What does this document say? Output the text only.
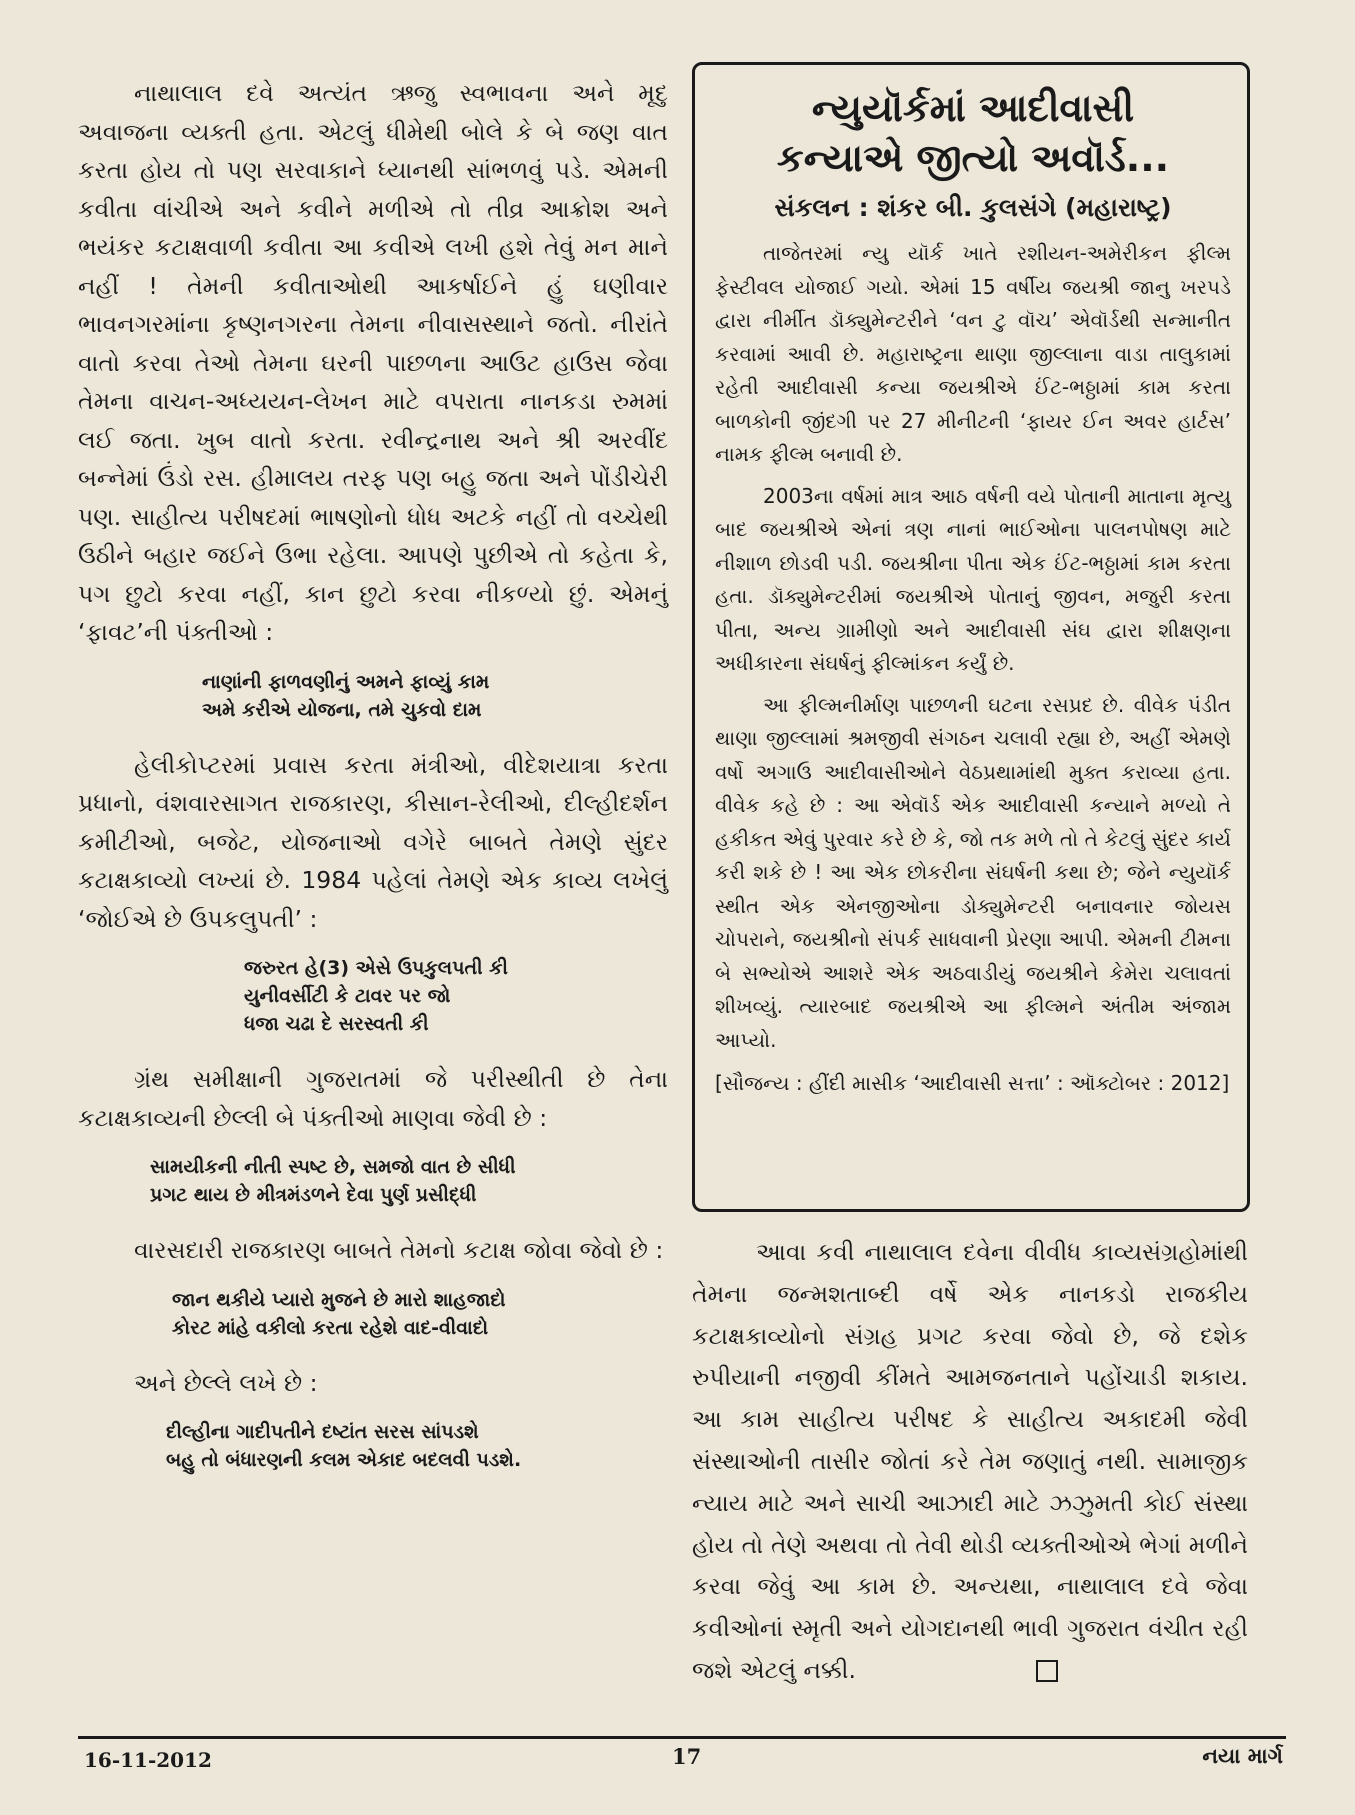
નાથાલાલ દવે અત્યંત ઋજુ સ્વભાવના અને મૃદુ અવાજના વ્યક્તી હતા. એટલું ધીમેથી બોલે કે બે જણ વાત કરતા હોય તો પણ સરવાકાને ધ્યાનથી સાંભળવું પડે. એમની કવીતા વાંચીએ અને કવીને મળીએ તો તીવ્ર આક્રોશ અને ભયંકર કટાક્ષવાળી કવીતા આ કવીએ લખી હશે તેવું મન માને નહીં ! તેમની કવીતાઓથી આકર્ષાઈને હું ઘણીવાર ભાવનગરમાંના કૃષ્ણનગરના તેમના નીવાસસ્થાને જતો. નીરાંતે વાતો કરવા તેઓ તેમના ઘરની પાછળના આઉટ હાઉસ જેવા તેમના વાચન-અધ્યયન-લેખન માટે વપરાતા નાનકડા રુમમાં લઈ જતા. ખુબ વાતો કરતા. રવીન્દ્રનાથ અને શ્રી અરવીંદ બન્નેમાં ઉંડો રસ. હીમાલય તરફ પણ બહુ જતા અને પોંડીચેરી પણ. સાહીત્ય પરીષદમાં ભાષણોનો ધોધ અટકે નહીં તો વચ્ચેથી ઉઠીને બહાર જઈને ઉભા રહેલા. આપણે પુછીએ તો કહેતા કે, પગ છુટો કરવા નહીં, કાન છુટો કરવા નીકળ્યો છું. એમનું ‘ફાવટ’ની પંક્તીઓ :

નાણાંની ફાળવણીનું અમને ફાવ્યું કામ
અમે કરીએ યોજના, તમે ચુકવો દામ

હેલીકોપ્ટરમાં પ્રવાસ કરતા મંત્રીઓ, વીદેશયાત્રા કરતા પ્રધાનો, વંશવારસાગત રાજકારણ, કીસાન-રેલીઓ, દીલ્હીદર્શન કમીટીઓ, બજેટ, યોજનાઓ વગેરે બાબતે તેમણે સુંદર કટાક્ષકાવ્યો લખ્યાં છે. 1984 પહેલાં તેમણે એક કાવ્ય લખેલું ‘જોઈએ છે ઉપકલુપતી’ :

જરુરત હે(3) એસે ઉપકુલપતી કી
યુનીવર્સીટી કે ટાવર પર જો
ધજા ચઢા દે સરસ્વતી કી

ગ્રંથ સમીક્ષાની ગુજરાતમાં જે પરીસ્થીતી છે તેના કટાક્ષકાવ્યની છેલ્લી બે પંક્તીઓ માણવા જેવી છે :

સામયીકની નીતી સ્પષ્ટ છે, સમજો વાત છે સીધી
પ્રગટ થાય છે મીત્રમંડળને દેવા પુર્ણ પ્રસીદ્ધી

વારસદારી રાજકારણ બાબતે તેમનો કટાક્ષ જોવા જેવો છે :

જાન થકીયે પ્યારો મુજને છે મારો શાહજાદો
કોરટ માંહે વકીલો કરતા રહેશે વાદ-વીવાદો

અને છેલ્લે લખે છે :

દીલ્હીના ગાદીપતીને દષ્ટાંત સરસ સાંપડશે
બહુ તો બંધારણની કલમ એકાદ બદલવી પડશે.
ન્યુયૉર્કમાં આદીવાસી
કન્યાએ જીત્યો અવૉર્ડ...
સંકલન : શંકર બી. કુલસંગે (મહારાષ્ટ્ર)

તાજેતરમાં ન્યુ યૉર્ક ખાતે રશીયન-અમેરીકન ફીલ્મ ફેસ્ટીવલ યોજાઈ ગયો. એમાં 15 વર્ષીય જયશ્રી જાનુ ખરપડે દ્વારા નીર્મીત ડૉક્યુમેન્ટરીને ‘વન ટુ વૉચ’ એવૉર્ડથી સન્માનીત કરવામાં આવી છે. મહારાષ્ટ્રના થાણા જીલ્લાના વાડા તાલુકામાં રહેતી આદીવાસી કન્યા જયશ્રીએ ઈંટ-ભઠ્ઠામાં કામ કરતા બાળકોની જીંદગી પર 27 મીનીટની ‘ફાયર ઈન અવર હાર્ટસ’ નામક ફીલ્મ બનાવી છે.

2003ના વર્ષમાં માત્ર આઠ વર્ષની વયે પોતાની માતાના મૃત્યુ બાદ જયશ્રીએ એનાં ત્રણ નાનાં ભાઈઓના પાલનપોષણ માટે નીશાળ છોડવી પડી. જયશ્રીના પીતા એક ઈંટ-ભઠ્ઠામાં કામ કરતા હતા. ડૉક્યુમેન્ટરીમાં જયશ્રીએ પોતાનું જીવન, મજુરી કરતા પીતા, અન્ય ગ્રામીણો અને આદીવાસી સંઘ દ્વારા શીક્ષણના અધીકારના સંઘર્ષનું ફીલ્માંકન કર્યું છે.

આ ફીલ્મનીર્માણ પાછળની ઘટના રસપ્રદ છે. વીવેક પંડીત થાણા જીલ્લામાં શ્રમજીવી સંગઠન ચલાવી રહ્યા છે, અહીં એમણે વર્ષો અગાઉ આદીવાસીઓને વેઠપ્રથામાંથી મુક્ત કરાવ્યા હતા. વીવેક કહે છે : આ એવૉર્ડ એક આદીવાસી કન્યાને મળ્યો તે હકીકત એવું પુરવાર કરે છે કે, જો તક મળે તો તે કેટલું સુંદર કાર્ય કરી શકે છે ! આ એક છોકરીના સંઘર્ષની કથા છે; જેને ન્યુયૉર્ક સ્થીત એક એનજીઓના ડોક્યુમેન્ટરી બનાવનાર જોયસ ચોપરાને, જયશ્રીનો સંપર્ક સાધવાની પ્રેરણા આપી. એમની ટીમના બે સભ્યોએ આશરે એક અઠવાડીયું જયશ્રીને કેમેરા ચલાવતાં શીખવ્યું. ત્યારબાદ જયશ્રીએ આ ફીલ્મને અંતીમ અંજામ આપ્યો.

[સૌજન્ય : હીંદી માસીક ‘આદીવાસી સત્તા’ : ઑક્ટોબર : 2012]

આવા કવી નાથાલાલ દવેના વીવીધ કાવ્યસંગ્રહોમાંથી તેમના જન્મશતાબ્દી વર્ષે એક નાનકડો રાજકીય કટાક્ષકાવ્યોનો સંગ્રહ પ્રગટ કરવા જેવો છે, જે દશેક રુપીયાની નજીવી કીંમતે આમજનતાને પહોંચાડી શકાય. આ કામ સાહીત્ય પરીષદ કે સાહીત્ય અકાદમી જેવી સંસ્થાઓની તાસીર જોતાં કરે તેમ જણાતું નથી. સામાજીક ન્યાય માટે અને સાચી આઝાદી માટે ઝઝુમતી કોઈ સંસ્થા હોય તો તેણે અથવા તો તેવી થોડી વ્યક્તીઓએ ભેગાં મળીને કરવા જેવું આ કામ છે. અન્યથા, નાથાલાલ દવે જેવા કવીઓનાં સ્મૃતી અને યોગદાનથી ભાવી ગુજરાત વંચીત રહી જશે એટલું નક્કી.

16-11-2012	17	નયા માર્ગ
